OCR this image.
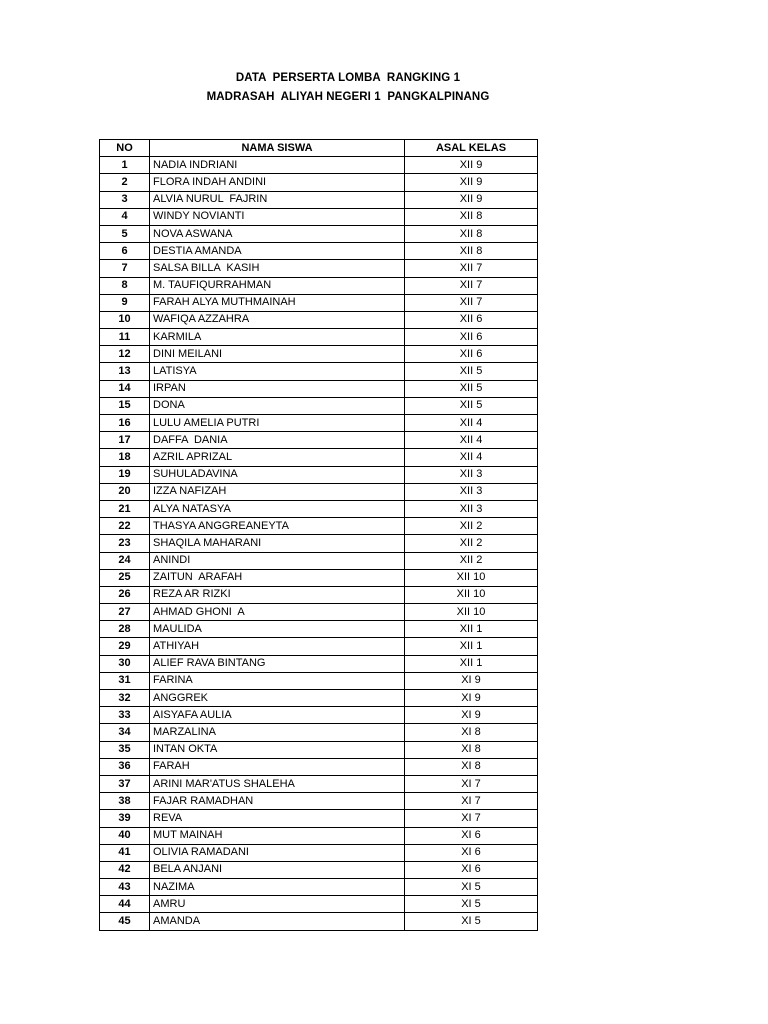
DATA  PERSERTA LOMBA  RANGKING 1
MADRASAH  ALIYAH NEGERI 1  PANGKALPINANG
NO	NAMA SISWA	ASAL KELAS
1	NADIA INDRIANI	XII 9
2	FLORA INDAH ANDINI	XII 9
3	ALVIA NURUL  FAJRIN	XII 9
4	WINDY NOVIANTI	XII 8
5	NOVA ASWANA	XII 8
6	DESTIA AMANDA	XII 8
7	SALSA BILLA  KASIH	XII 7
8	M. TAUFIQURRAHMAN	XII 7
9	FARAH ALYA MUTHMAINAH	XII 7
10	WAFIQA AZZAHRA	XII 6
11	KARMILA	XII 6
12	DINI MEILANI	XII 6
13	LATISYA	XII 5
14	IRPAN	XII 5
15	DONA	XII 5
16	LULU AMELIA PUTRI	XII 4
17	DAFFA  DANIA	XII 4
18	AZRIL APRIZAL	XII 4
19	SUHULADAVINA	XII 3
20	IZZA NAFIZAH	XII 3
21	ALYA NATASYA	XII 3
22	THASYA ANGGREANEYTA	XII 2
23	SHAQILA MAHARANI	XII 2
24	ANINDI	XII 2
25	ZAITUN  ARAFAH	XII 10
26	REZA AR RIZKI	XII 10
27	AHMAD GHONI  A	XII 10
28	MAULIDA	XII 1
29	ATHIYAH	XII 1
30	ALIEF RAVA BINTANG	XII 1
31	FARINA	XI 9
32	ANGGREK	XI 9
33	AISYAFA AULIA	XI 9
34	MARZALINA	XI 8
35	INTAN OKTA	XI 8
36	FARAH	XI 8
37	ARINI MAR'ATUS SHALEHA	XI 7
38	FAJAR RAMADHAN	XI 7
39	REVA	XI 7
40	MUT MAINAH	XI 6
41	OLIVIA RAMADANI	XI 6
42	BELA ANJANI	XI 6
43	NAZIMA	XI 5
44	AMRU	XI 5
45	AMANDA	XI 5
